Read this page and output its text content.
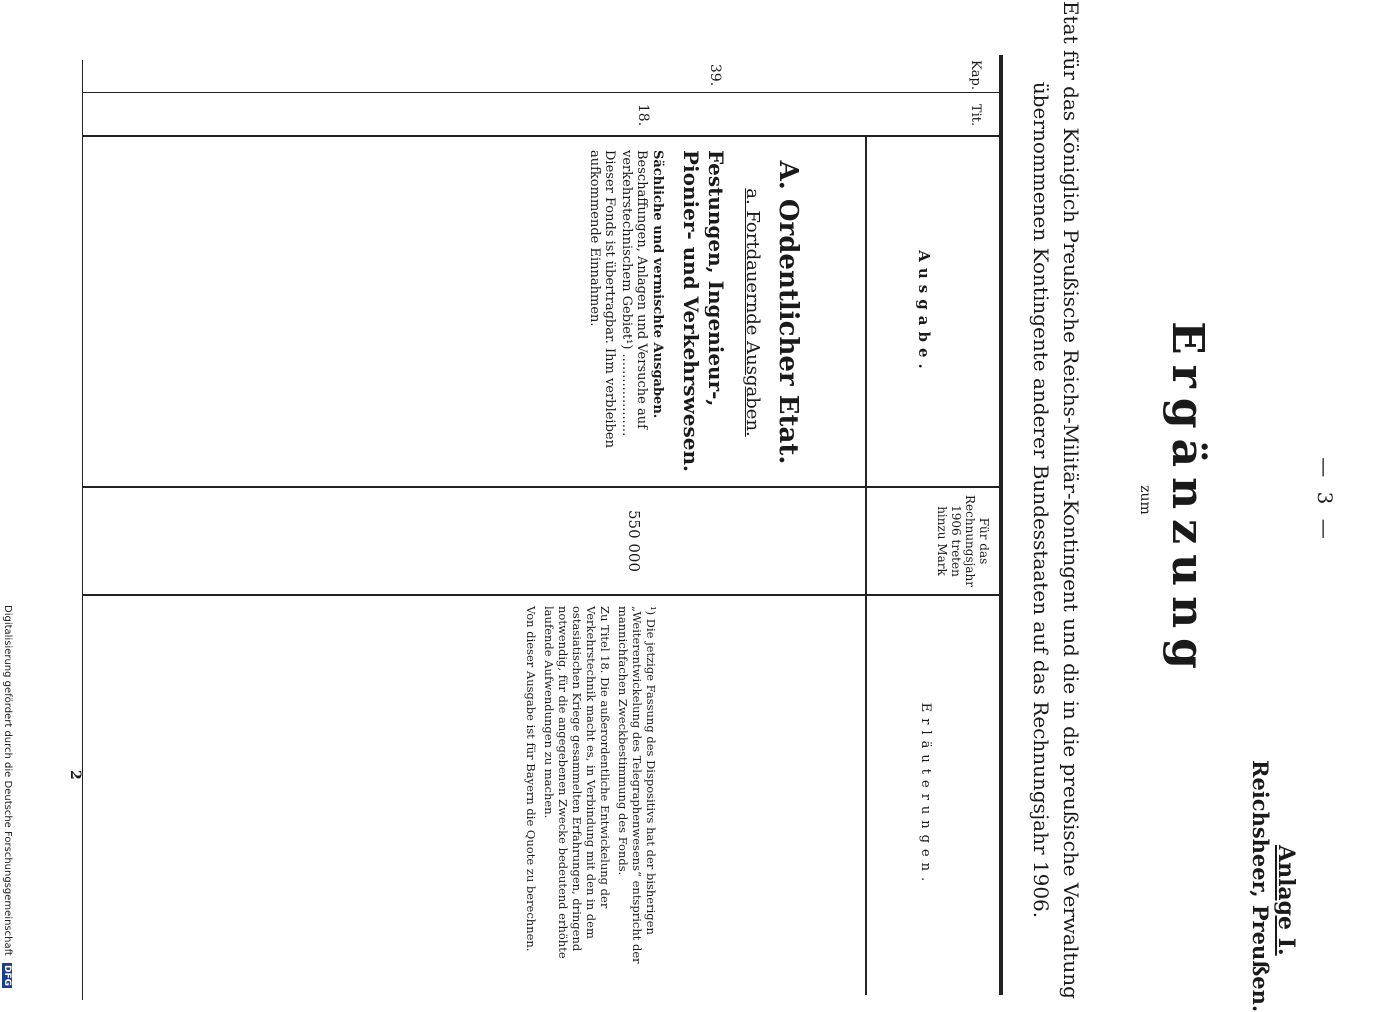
— 3 —
Anlage I.
Reichsheer, Preußen.
Ergänzung
zum
Etat für das Königlich Preußische Reichs-Militär-Kontingent und die in die preußische Verwaltung
übernommenen Kontingente anderer Bundesstaaten auf das Rechnungsjahr 1906.
Kap.
Tit.
Ausgabe.
Für das Rechnungsjahr 1906 treten hinzu Mark
Erläuterungen.
39.
18.
A. Ordentlicher Etat.
a. Fortdauernde Ausgaben.
Festungen, Ingenieur-, Pionier- und Verkehrswesen.
Sächliche und vermischte Ausgaben.
Beschaffungen, Anlagen und Versuche auf verkehrstechnischem Gebiet¹) ....................
Dieser Fonds ist übertragbar. Ihm verbleiben aufkommende Einnahmen.
550 000

¹) Die jetzige Fassung des Dispositivs hat der bisherigen „Weiterentwickelung des Telegraphenwesens“ entspricht der mannichfachen Zweckbestimmung des Fonds.

Zu Titel 18. Die außerordentliche Entwickelung der Verkehrstechnik macht es, in Verbindung mit den in dem ostasiatischen Kriege gesammelten Erfahrungen, dringend notwendig, für die angegebenen Zwecke bedeutend erhöhte laufende Aufwendungen zu machen.

Von dieser Ausgabe ist für Bayern die Quote zu berechnen.

2
Digitalisierung gefördert durch die Deutsche Forschungsgemeinschaft DFG
